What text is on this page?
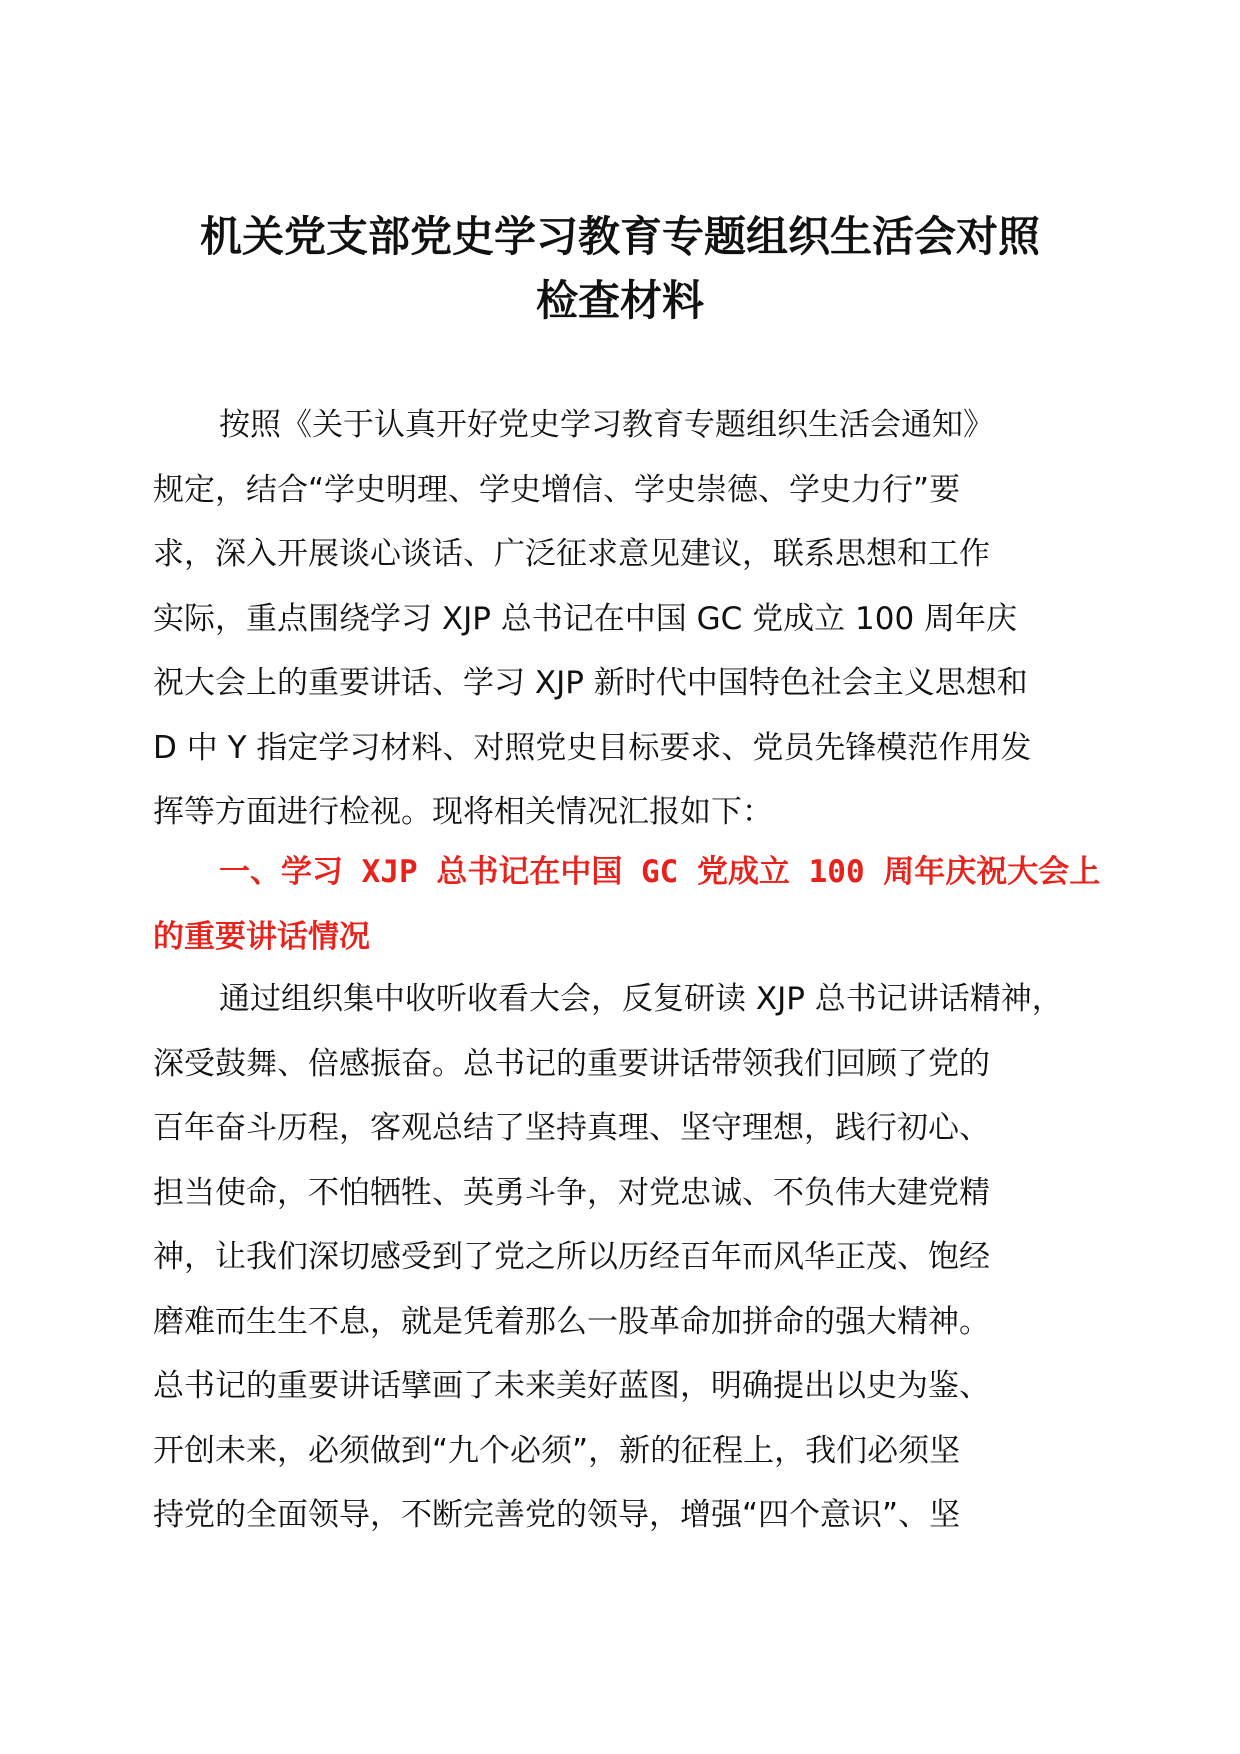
机关党支部党史学习教育专题组织生活会对照
检查材料

按照《关于认真开好党史学习教育专题组织生活会通知》
规定，结合“学史明理、学史增信、学史崇德、学史力行”要
求，深入开展谈心谈话、广泛征求意见建议，联系思想和工作
实际，重点围绕学习 XJP 总书记在中国 GC 党成立 100 周年庆
祝大会上的重要讲话、学习 XJP 新时代中国特色社会主义思想和
D 中 Y 指定学习材料、对照党史目标要求、党员先锋模范作用发
挥等方面进行检视。现将相关情况汇报如下：

一、学习 XJP 总书记在中国 GC 党成立 100 周年庆祝大会上
的重要讲话情况

通过组织集中收听收看大会，反复研读 XJP 总书记讲话精神，
深受鼓舞、倍感振奋。总书记的重要讲话带领我们回顾了党的
百年奋斗历程，客观总结了坚持真理、坚守理想，践行初心、
担当使命，不怕牺牲、英勇斗争，对党忠诚、不负伟大建党精
神，让我们深切感受到了党之所以历经百年而风华正茂、饱经
磨难而生生不息，就是凭着那么一股革命加拼命的强大精神。
总书记的重要讲话擘画了未来美好蓝图，明确提出以史为鉴、
开创未来，必须做到“九个必须”，新的征程上，我们必须坚
持党的全面领导，不断完善党的领导，增强“四个意识”、坚
